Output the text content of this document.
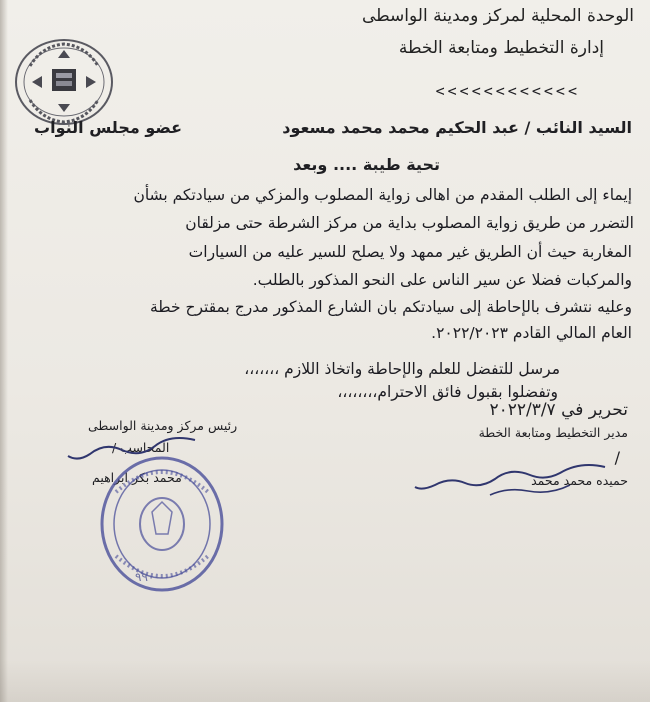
الوحدة المحلية لمركز ومدينة الواسطى
إدارة التخطيط ومتابعة الخطة
<<<<<<<<<<<<
السيد النائب / عبد الحكيم محمد محمد مسعود
عضو مجلس النواب
تحية طيبة .... وبعد
إيماء إلى الطلب المقدم من اهالى زواية المصلوب والمزكي من سيادتكم بشأن
التضرر من طريق زواية المصلوب بداية من مركز الشرطة حتى مزلقان
المغاربة حيث أن الطريق غير ممهد ولا يصلح للسير عليه من السيارات
والمركبات فضلا عن سير الناس على النحو المذكور بالطلب.
وعليه نتشرف بالإحاطة إلى سيادتكم بان الشارع المذكور مدرج بمقترح خطة
العام المالي القادم ٢٠٢٢/٢٠٢٣.
مرسل للتفضل للعلم والإحاطة واتخاذ اللازم ،،،،،،،
وتفضلوا بقبول فائق الاحترام،،،،،،،،
تحرير في ٢٠٢٢/٣/٧
مدير التخطيط ومتابعة الخطة
/
حميده محمد محمد
رئيس مركز ومدينة الواسطى
المحاسب /
محمد بكر ابراهيم
٩٩٠٠
